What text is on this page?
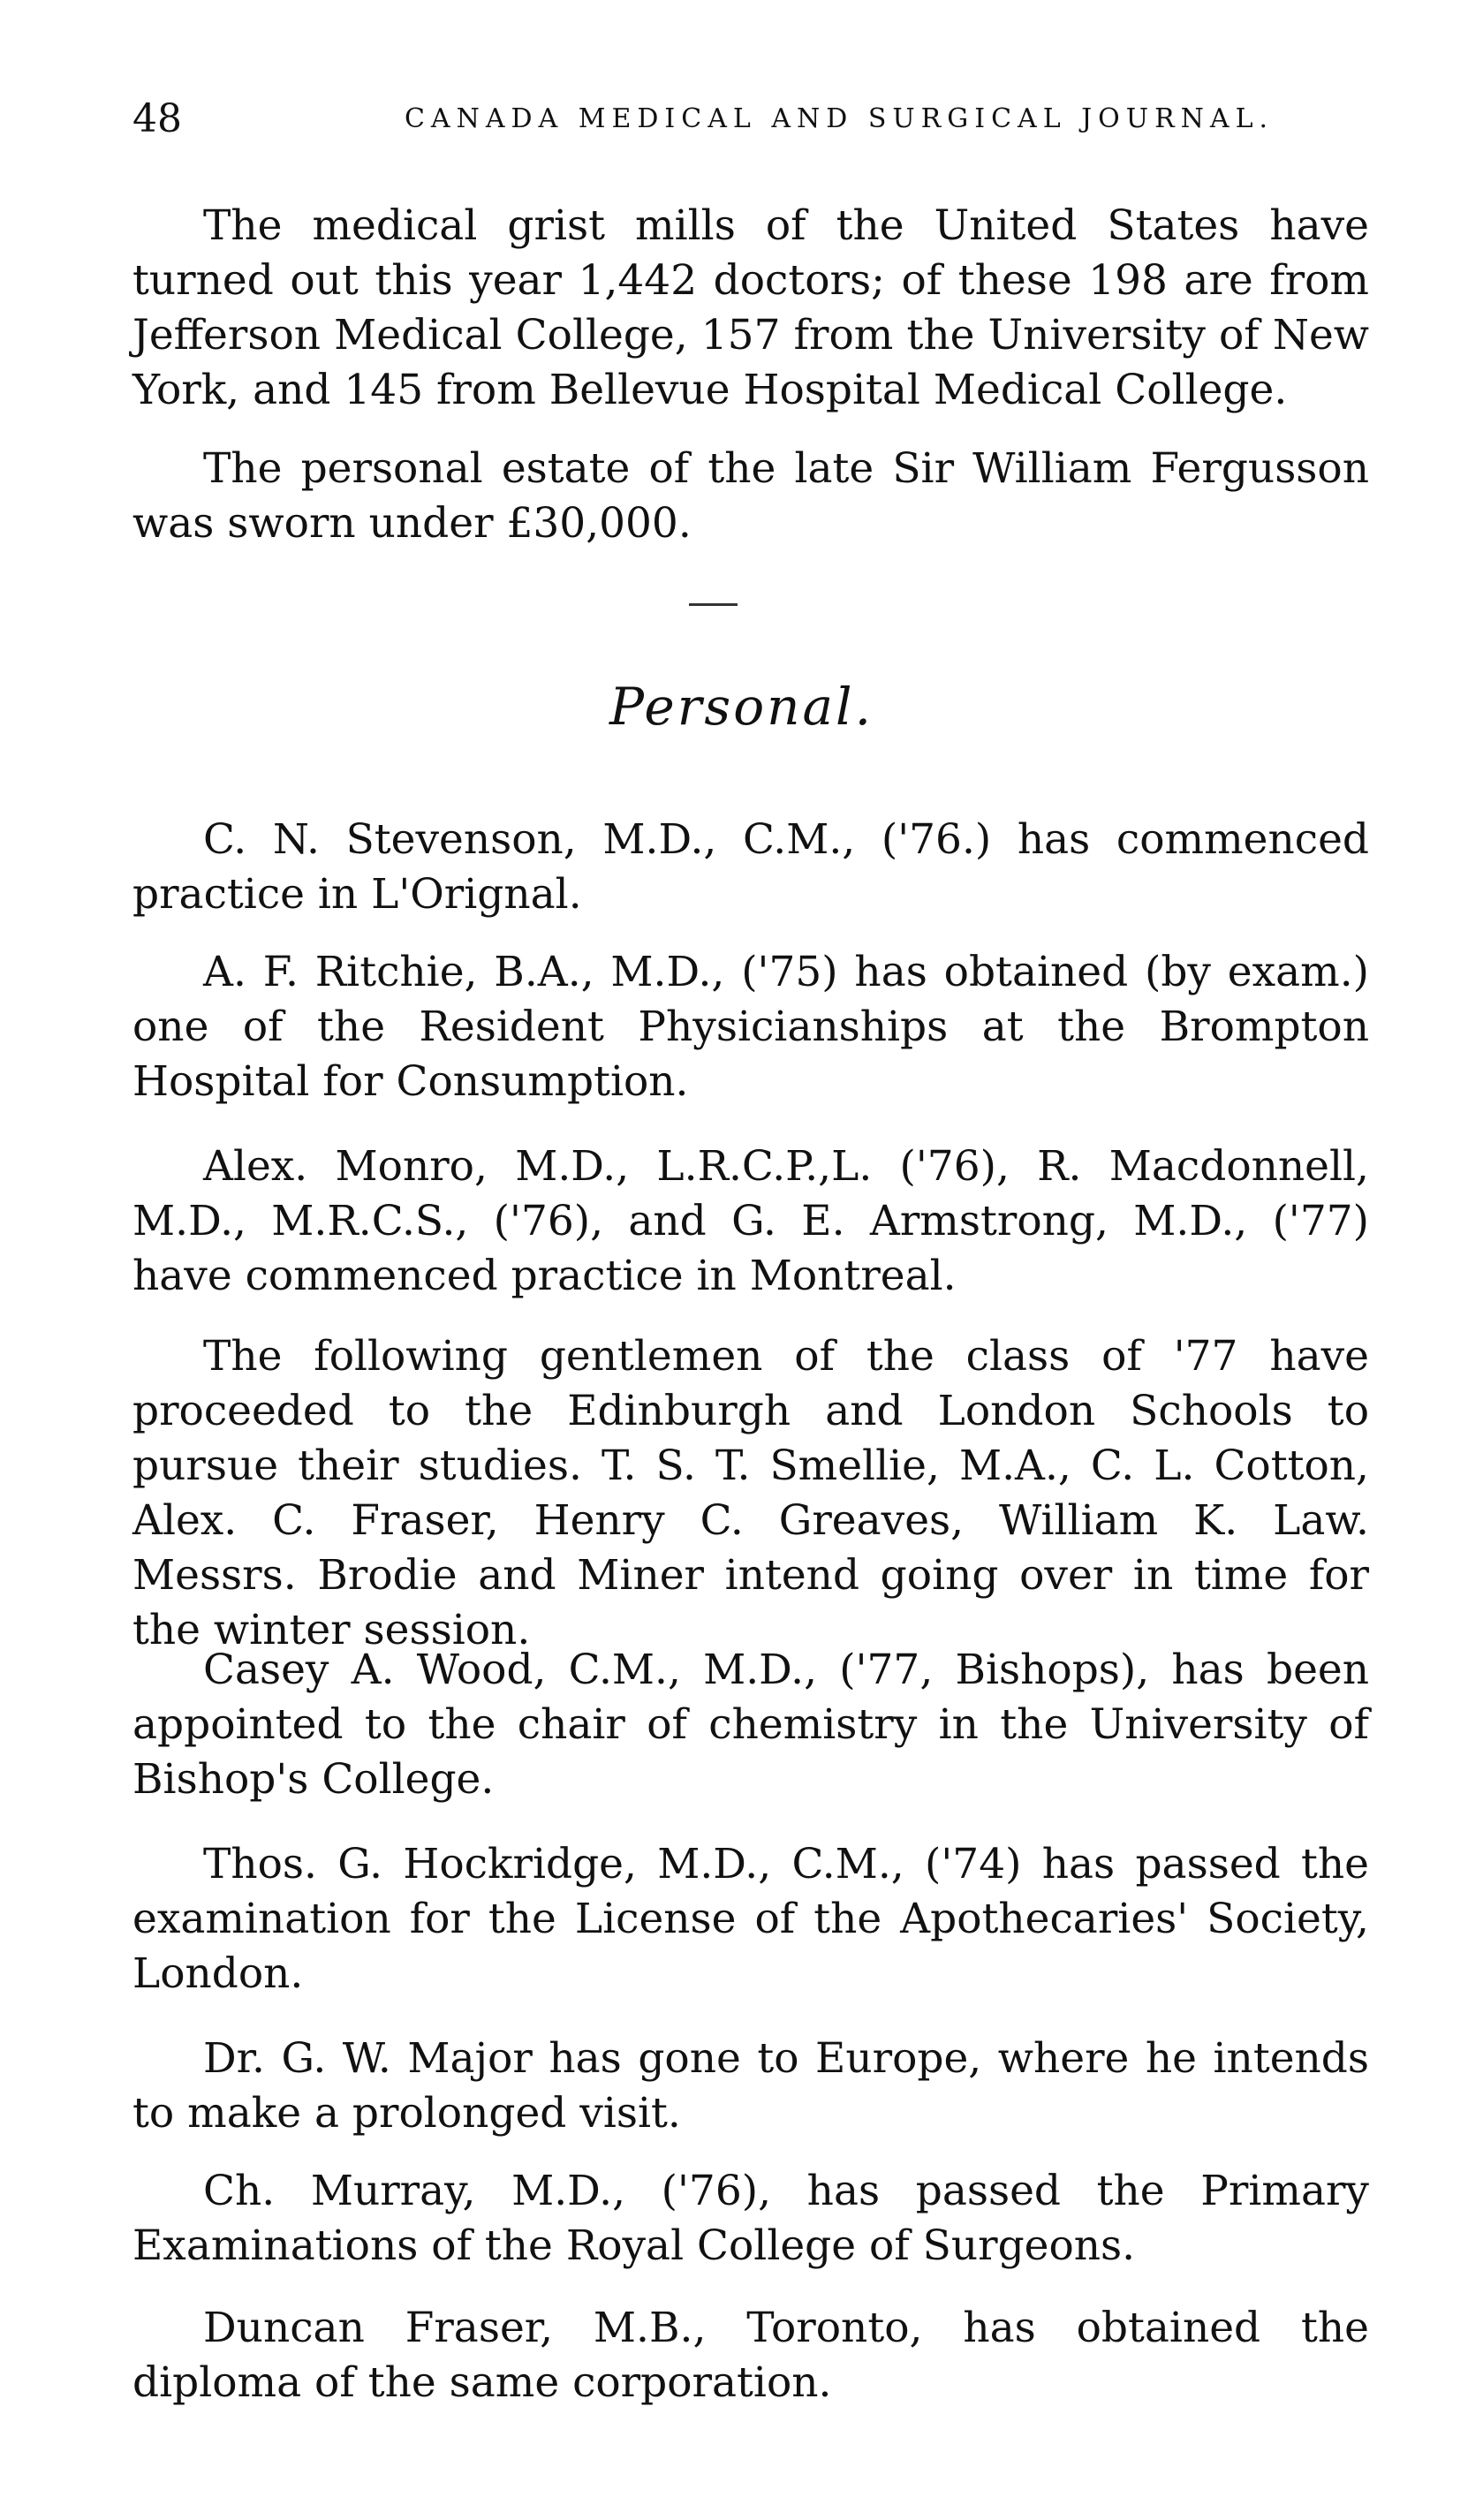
48	CANADA MEDICAL AND SURGICAL JOURNAL.

The medical grist mills of the United States have turned out this year 1,442 doctors; of these 198 are from Jefferson Medical College, 157 from the University of New York, and 145 from Bellevue Hospital Medical College.

The personal estate of the late Sir William Fergusson was sworn under £30,000.

Personal.

C. N. Stevenson, M.D., C.M., ('76.) has commenced practice in L'Orignal.

A. F. Ritchie, B.A., M.D., ('75) has obtained (by exam.) one of the Resident Physicianships at the Brompton Hospital for Consumption.

Alex. Monro, M.D., L.R.C.P.,L. ('76), R. Macdonnell, M.D., M.R.C.S., ('76), and G. E. Armstrong, M.D., ('77) have commenced practice in Montreal.

The following gentlemen of the class of '77 have proceeded to the Edinburgh and London Schools to pursue their studies. T. S. T. Smellie, M.A., C. L. Cotton, Alex. C. Fraser, Henry C. Greaves, William K. Law. Messrs. Brodie and Miner intend going over in time for the winter session.

Casey A. Wood, C.M., M.D., ('77, Bishops), has been appointed to the chair of chemistry in the University of Bishop's College.

Thos. G. Hockridge, M.D., C.M., ('74) has passed the examination for the License of the Apothecaries' Society, London.

Dr. G. W. Major has gone to Europe, where he intends to make a prolonged visit.

Ch. Murray, M.D., ('76), has passed the Primary Examinations of the Royal College of Surgeons.

Duncan Fraser, M.B., Toronto, has obtained the diploma of the same corporation.
